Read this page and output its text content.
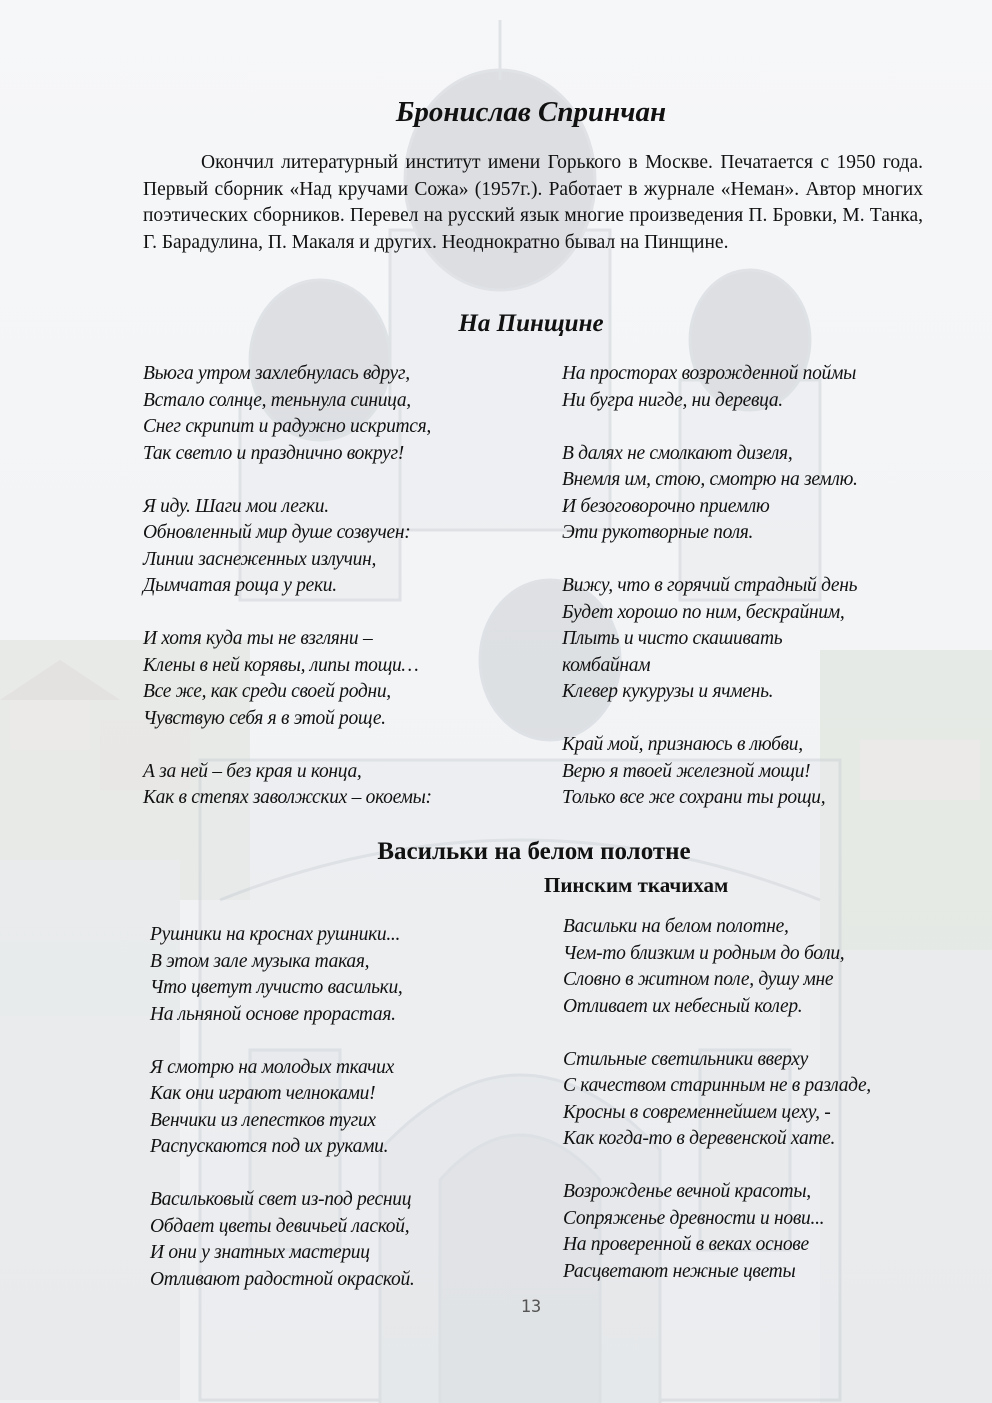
Бронислав Спринчан

Окончил литературный институт имени Горького в Москве. Печатается с 1950 года. Первый сборник «Над кручами Сожа» (1957г.). Работает в журнале «Неман». Автор многих поэтических сборников. Перевел на русский язык многие произведения П. Бровки, М. Танка, Г. Барадулина, П. Макаля и других. Неоднократно бывал на Пинщине.

На Пинщине
Вьюга утром захлебнулась вдруг,
Встало солнце, теньнула синица,
Снег скрипит и радужно искрится,
Так светло и празднично вокруг!
Я иду. Шаги мои легки.
Обновленный мир душе созвучен:
Линии заснеженных излучин,
Дымчатая роща у реки.
И хотя куда ты не взгляни –
Клены в ней корявы, липы тощи…
Все же, как среди своей родни,
Чувствую себя я в этой роще.
А за ней – без края и конца,
Как в степях заволжских – окоемы:
На просторах возрожденной поймы
Ни бугра нигде, ни деревца.
В далях не смолкают дизеля,
Внемля им, стою, смотрю на землю.
И безоговорочно приемлю
Эти рукотворные поля.
Вижу, что в горячий страдный день
Будет хорошо по ним, бескрайним,
Плыть и чисто скашивать
комбайнам
Клевер кукурузы и ячмень.
Край мой, признаюсь в любви,
Верю я твоей железной мощи!
Только все же сохрани ты рощи,
Васильки на белом полотне
Пинским ткачихам
Рушники на кроснах рушники...
В этом зале музыка такая,
Что цветут лучисто васильки,
На льняной основе прорастая.
Я смотрю на молодых ткачих
Как они играют челноками!
Венчики из лепестков тугих
Распускаются под их руками.
Васильковый свет из-под ресниц
Обдает цветы девичьей лаской,
И они у знатных мастериц
Отливают радостной окраской.
Васильки на белом полотне,
Чем-то близким и родным до боли,
Словно в житном поле, душу мне
Отливает их небесный колер.
Стильные светильники вверху
С качеством старинным не в разладе,
Кросны в современнейшем цеху, -
Как когда-то в деревенской хате.
Возрожденье вечной красоты,
Сопряженье древности и нови...
На проверенной в веках основе
Расцветают нежные цветы
13
